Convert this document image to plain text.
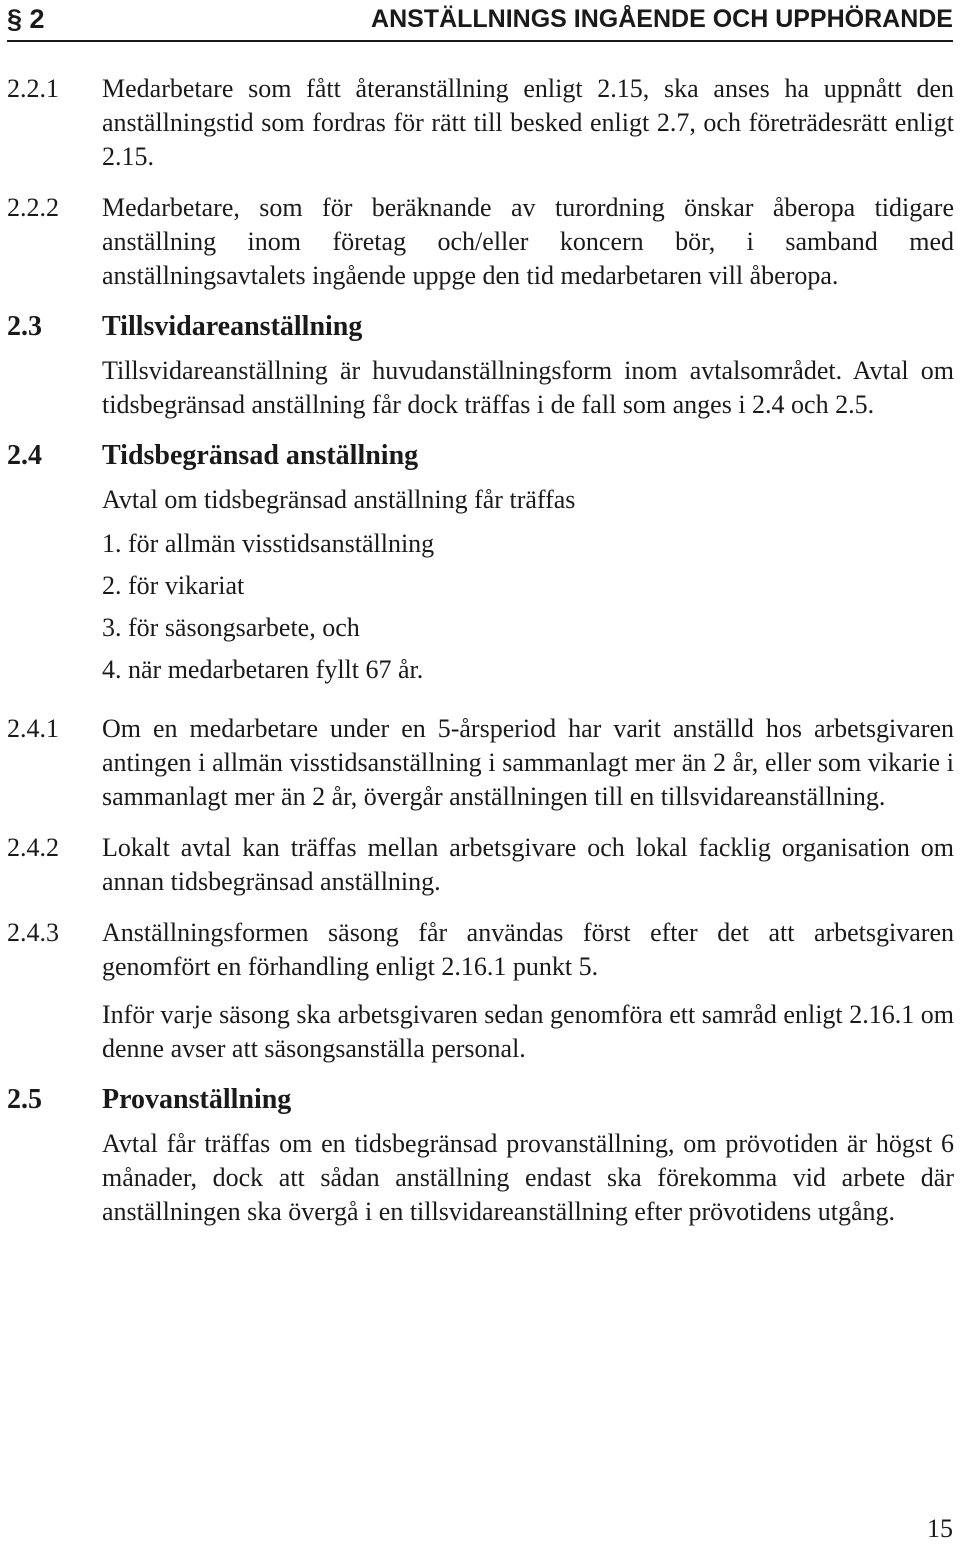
§ 2	ANSTÄLLNINGS INGÅENDE OCH UPPHÖRANDE
2.2.1	Medarbetare som fått återanställning enligt 2.15, ska anses ha uppnått den anställningstid som fordras för rätt till besked enligt 2.7, och företrädesrätt enligt 2.15.

2.2.2	Medarbetare, som för beräknande av turordning önskar åberopa tidigare anställning inom företag och/eller koncern bör, i samband med anställningsavtalets ingående uppge den tid medarbetaren vill åberopa.

2.3	Tillsvidareanställning

Tillsvidareanställning är huvudanställningsform inom avtalsområdet. Avtal om tidsbegränsad anställning får dock träffas i de fall som anges i 2.4 och 2.5.

2.4	Tidsbegränsad anställning

Avtal om tidsbegränsad anställning får träffas

1. för allmän visstidsanställning
2. för vikariat
3. för säsongsarbete, och
4. när medarbetaren fyllt 67 år.
2.4.1	Om en medarbetare under en 5-årsperiod har varit anställd hos arbetsgivaren antingen i allmän visstidsanställning i sammanlagt mer än 2 år, eller som vikarie i sammanlagt mer än 2 år, övergår anställningen till en tillsvidareanställning.

2.4.2	Lokalt avtal kan träffas mellan arbetsgivare och lokal facklig organisation om annan tidsbegränsad anställning.

2.4.3	Anställningsformen säsong får användas först efter det att arbetsgivaren genomfört en förhandling enligt 2.16.1 punkt 5.

Inför varje säsong ska arbetsgivaren sedan genomföra ett samråd enligt 2.16.1 om denne avser att säsongsanställa personal.

2.5	Provanställning

Avtal får träffas om en tidsbegränsad provanställning, om prövotiden är högst 6 månader, dock att sådan anställning endast ska förekomma vid arbete där anställningen ska övergå i en tillsvidareanställning efter prövotidens utgång.

15
